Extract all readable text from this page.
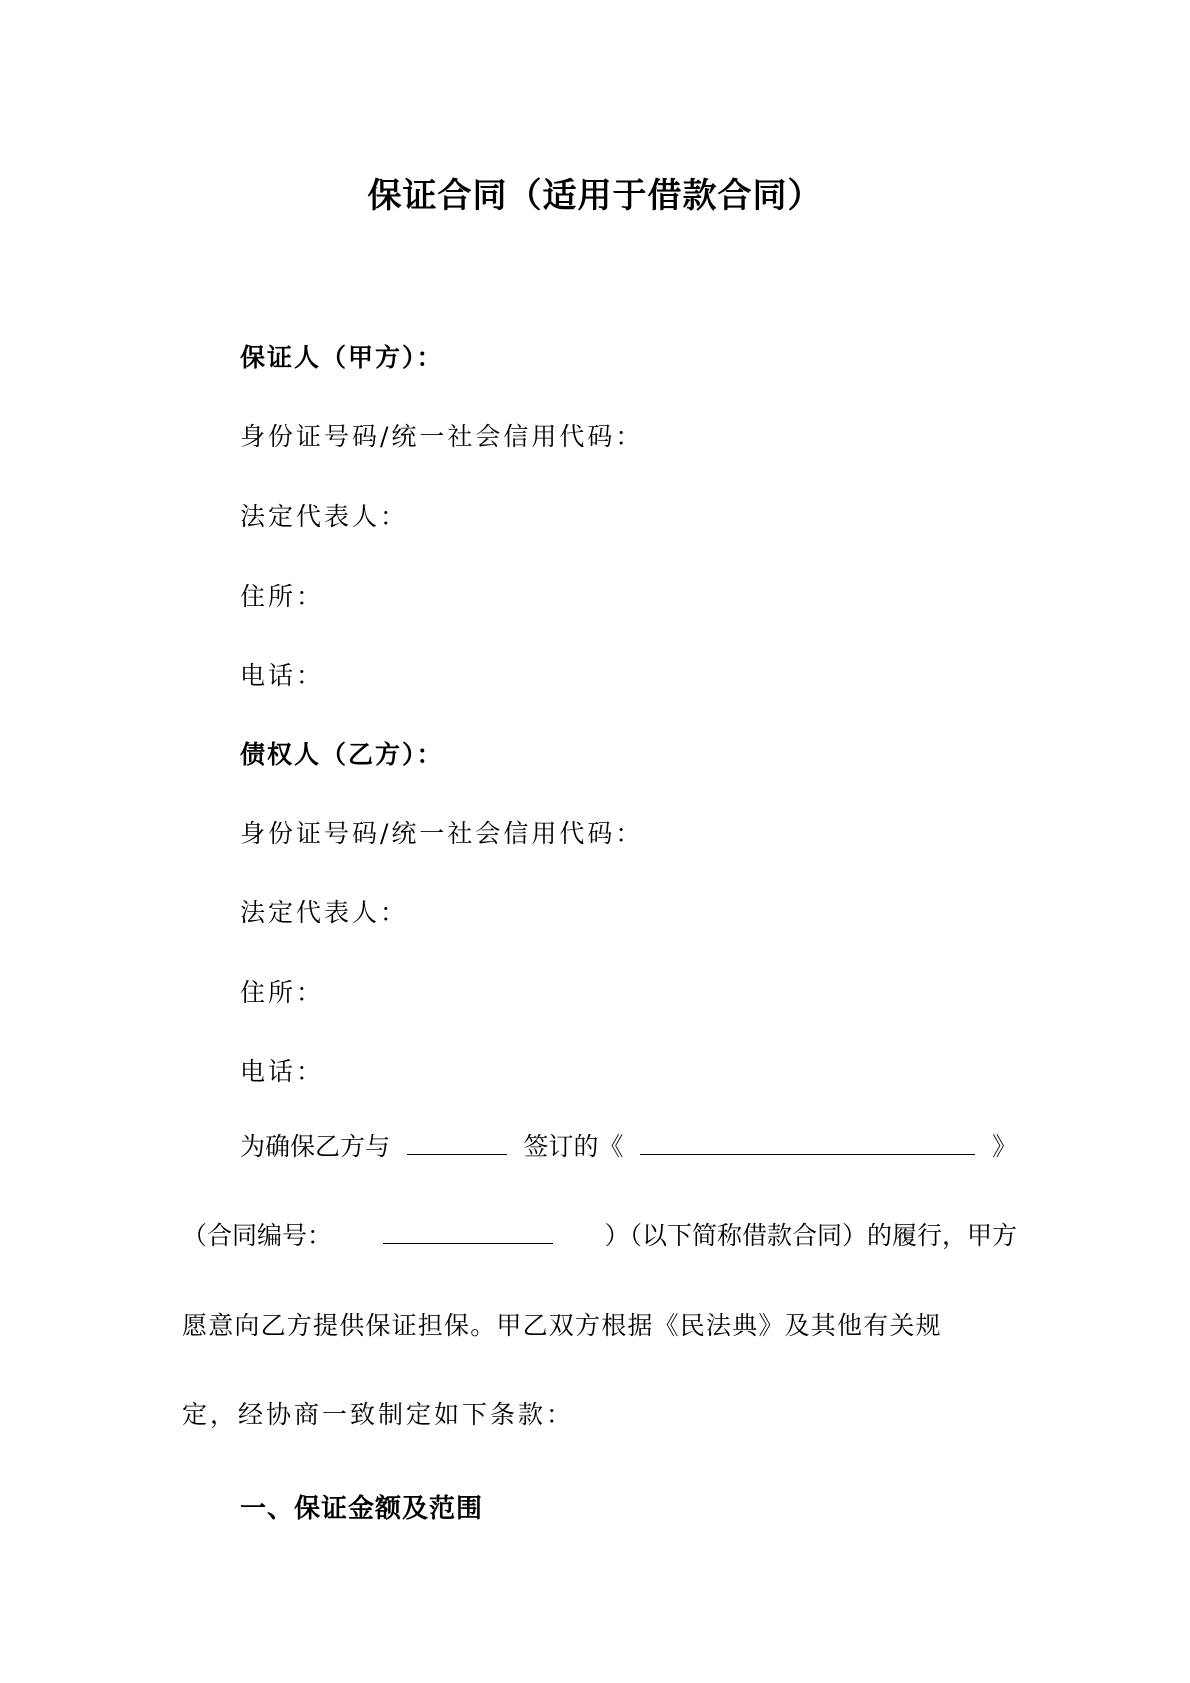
保证合同（适用于借款合同）
保证人（甲方）：
身份证号码/统一社会信用代码：
法定代表人：
住所：
电话：
债权人（乙方）：
身份证号码/统一社会信用代码：
法定代表人：
住所：
电话：
为确保乙方与	签订的《	》
（合同编号：	）（以下简称借款合同）的履行，甲方
愿意向乙方提供保证担保。甲乙双方根据《民法典》及其他有关规
定，经协商一致制定如下条款：
一、保证金额及范围
